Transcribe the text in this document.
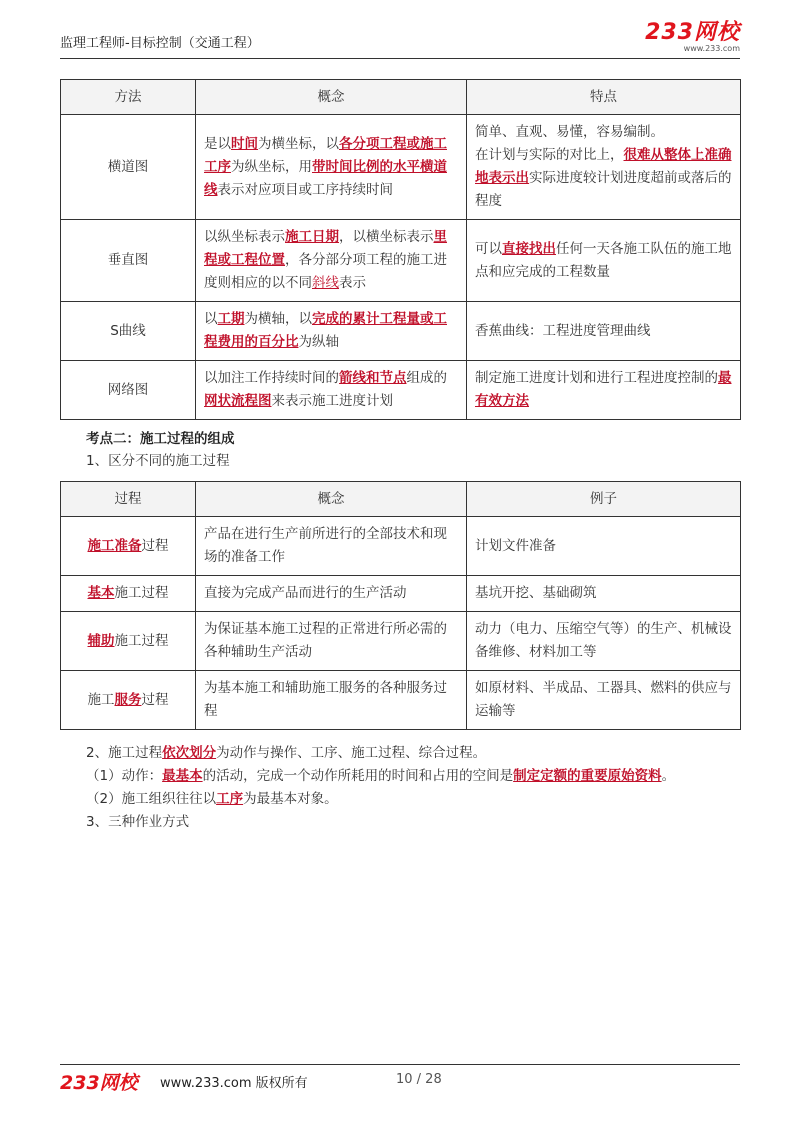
监理工程师-目标控制（交通工程）	233网校
www.233.com
方法	概念	特点
横道图	是以时间为横坐标，以各分项工程或施工工序为纵坐标，用带时间比例的水平横道线表示对应项目或工序持续时间	简单、直观、易懂，容易编制。
在计划与实际的对比上，很难从整体上准确地表示出实际进度较计划进度超前或落后的程度
垂直图	以纵坐标表示施工日期，以横坐标表示里程或工程位置，各分部分项工程的施工进度则相应的以不同斜线表示	可以直接找出任何一天各施工队伍的施工地点和应完成的工程数量
S曲线	以工期为横轴，以完成的累计工程量或工程费用的百分比为纵轴	香蕉曲线：工程进度管理曲线
网络图	以加注工作持续时间的箭线和节点组成的网状流程图来表示施工进度计划	制定施工进度计划和进行工程进度控制的最有效方法
考点二：施工过程的组成
1、区分不同的施工过程
过程	概念	例子
施工准备过程	产品在进行生产前所进行的全部技术和现场的准备工作	计划文件准备
基本施工过程	直接为完成产品而进行的生产活动	基坑开挖、基础砌筑
辅助施工过程	为保证基本施工过程的正常进行所必需的各种辅助生产活动	动力（电力、压缩空气等）的生产、机械设备维修、材料加工等
施工服务过程	为基本施工和辅助施工服务的各种服务过程	如原材料、半成品、工器具、燃料的供应与运输等
2、施工过程依次划分为动作与操作、工序、施工过程、综合过程。
（1）动作：最基本的活动，完成一个动作所耗用的时间和占用的空间是制定定额的重要原始资料。
（2）施工组织往往以工序为最基本对象。
3、三种作业方式
233网校 www.233.com 版权所有	10 / 28
